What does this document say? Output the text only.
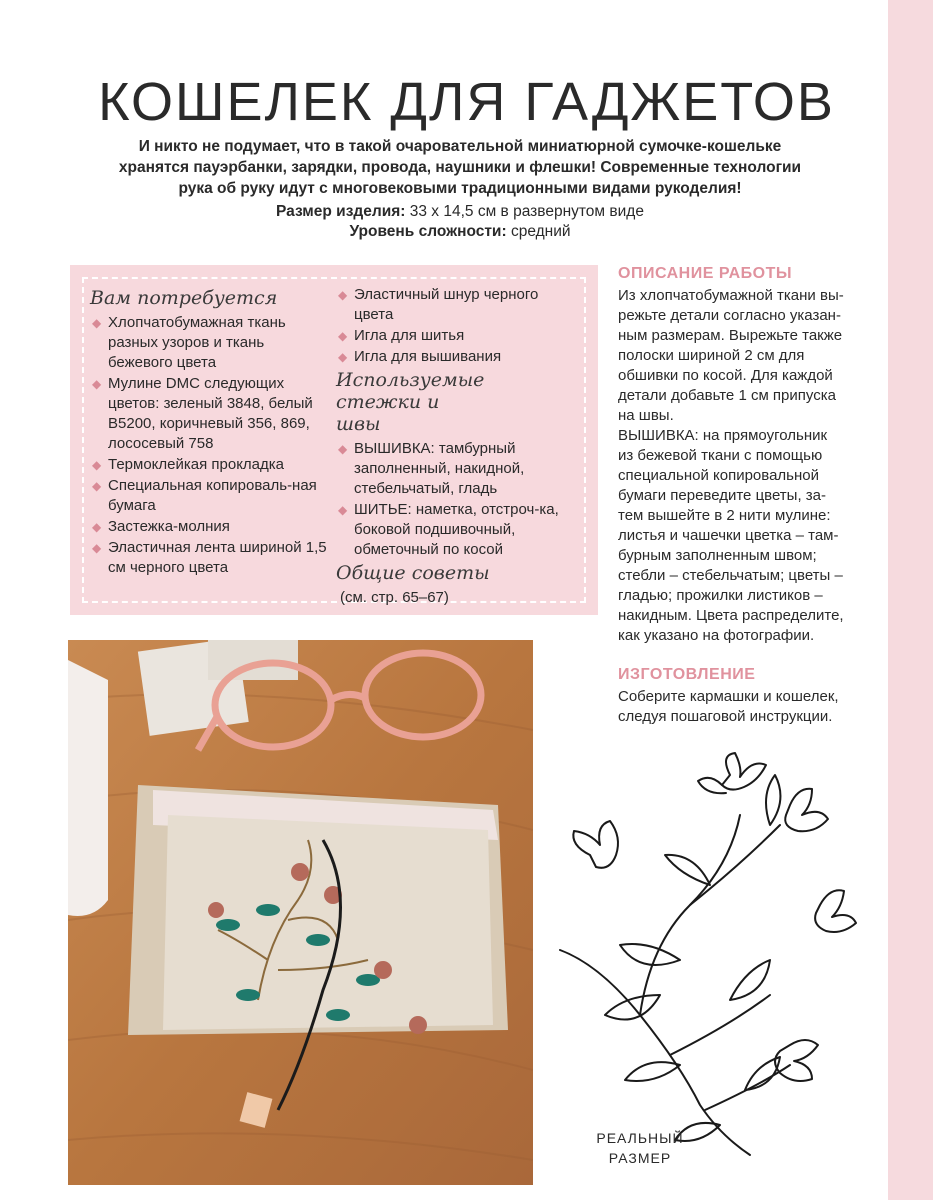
КОШЕЛЕК ДЛЯ ГАДЖЕТОВ
И никто не подумает, что в такой очаровательной миниатюрной сумочке-кошельке
хранятся пауэрбанки, зарядки, провода, наушники и флешки! Современные технологии
рука об руку идут с многовековыми традиционными видами рукоделия!
Размер изделия: 33 х 14,5 см в развернутом виде
Уровень сложности: средний
Вам потребуется
◆ Хлопчатобумажная ткань разных узоров и ткань бежевого цвета
◆ Мулине DMC следующих цветов: зеленый 3848, белый B5200, коричневый 356, 869, лососевый 758
◆ Термоклейкая прокладка
◆ Специальная копироваль-ная бумага
◆ Застежка-молния
◆ Эластичная лента шириной 1,5 см черного цвета
◆ Эластичный шнур черного цвета
◆ Игла для шитья
◆ Игла для вышивания
Используемые стежки и швы
◆ ВЫШИВКА: тамбурный заполненный, накидной, стебельчатый, гладь
◆ ШИТЬЕ: наметка, отстроч-ка, боковой подшивочный, обметочный по косой
Общие советы
(см. стр. 65–67)
ОПИСАНИЕ РАБОТЫ
Из хлопчатобумажной ткани вы-
режьте детали согласно указан-
ным размерам. Вырежьте также
полоски шириной 2 см для
обшивки по косой. Для каждой
детали добавьте 1 см припуска
на швы.
ВЫШИВКА: на прямоугольник
из бежевой ткани с помощью
специальной копировальной
бумаги переведите цветы, за-
тем вышейте в 2 нити мулине:
листья и чашечки цветка – там-
бурным заполненным швом;
стебли – стебельчатым; цветы –
гладью; прожилки листиков –
накидным. Цвета распределите,
как указано на фотографии.
ИЗГОТОВЛЕНИЕ
Соберите кармашки и кошелек,
следуя пошаговой инструкции.
РЕАЛЬНЫЙ
РАЗМЕР
